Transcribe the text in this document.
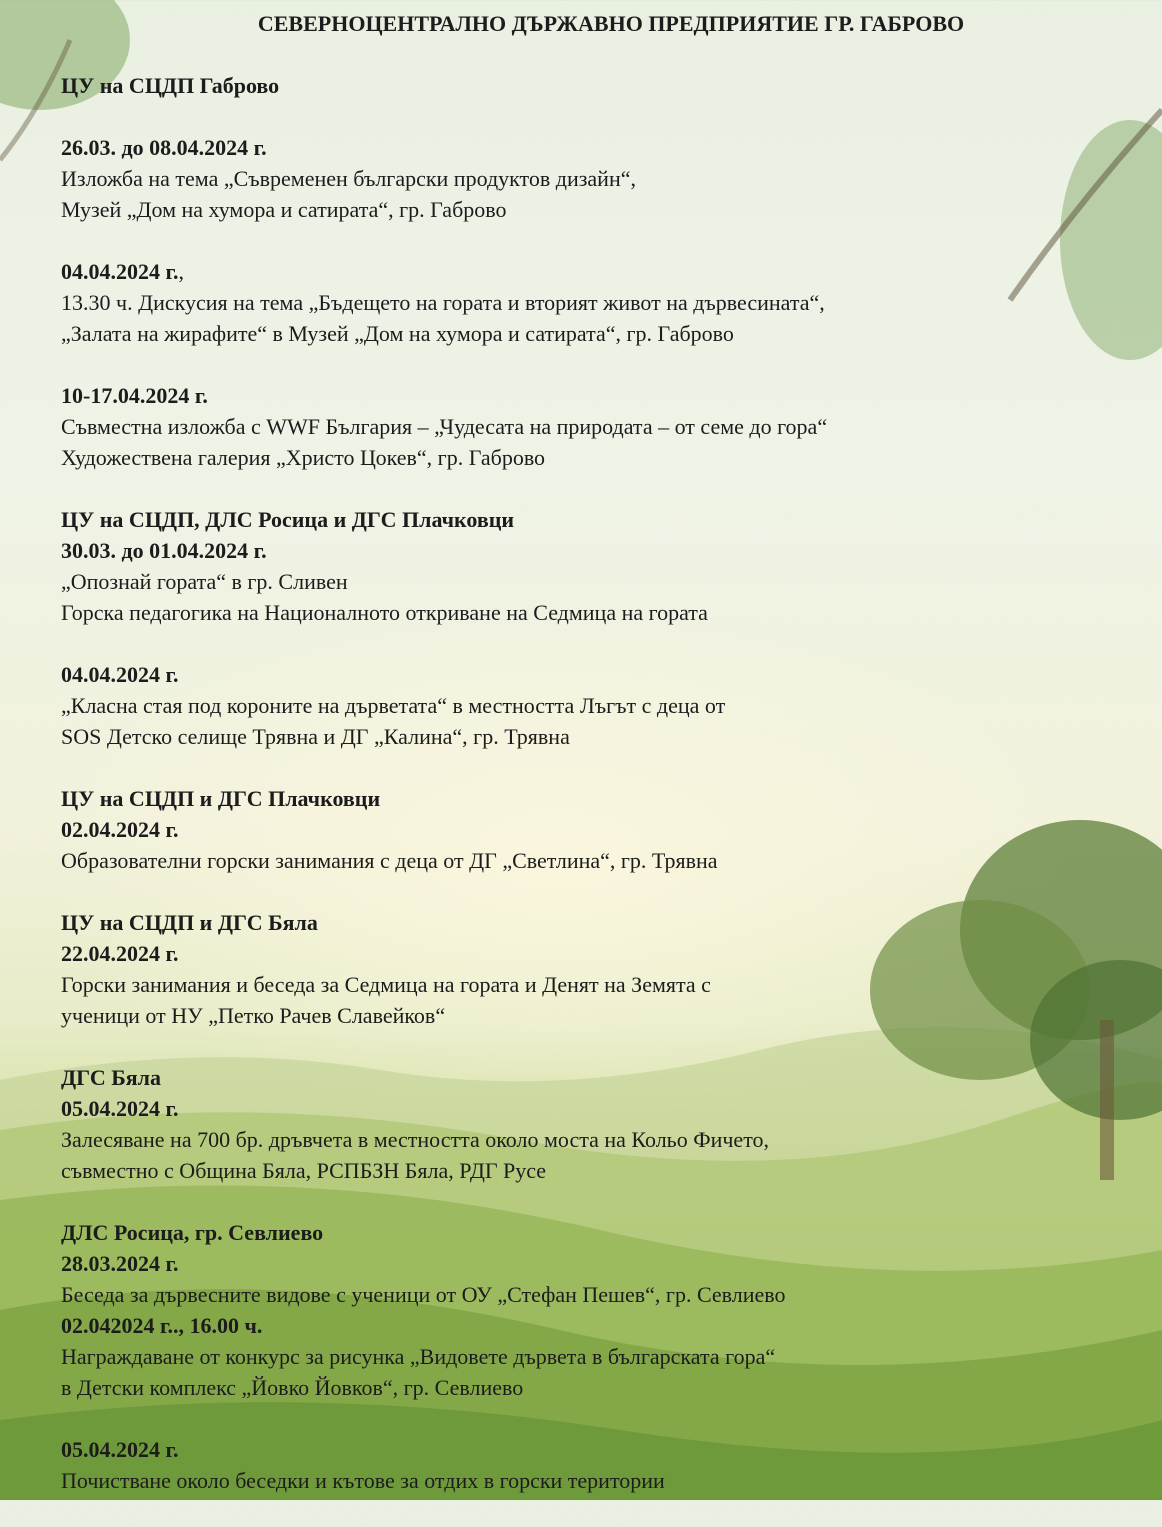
СЕВЕРНОЦЕНТРАЛНО ДЪРЖАВНО ПРЕДПРИЯТИЕ ГР. ГАБРОВО
ЦУ на СЦДП Габрово
26.03. до 08.04.2024 г.
Изложба на тема „Съвременен български продуктов дизайн“,
Музей „Дом на хумора и сатирата“, гр. Габрово
04.04.2024 г.,
13.30 ч. Дискусия на тема „Бъдещето на гората и вторият живот на дървесината“,
„Залата на жирафите“ в Музей „Дом на хумора и сатирата“, гр. Габрово
10-17.04.2024 г.
Съвместна изложба с WWF България – „Чудесата на природата – от семе до гора“
Художествена галерия „Христо Цокев“, гр. Габрово
ЦУ на СЦДП, ДЛС Росица и ДГС Плачковци
30.03. до 01.04.2024 г.
„Опознай гората“ в гр. Сливен
Горска педагогика на Националното откриване на Седмица на гората
04.04.2024 г.
„Класна стая под короните на дърветата“ в местността Лъгът с деца от
SOS Детско селище Трявна и ДГ „Калина“, гр. Трявна
ЦУ на СЦДП и ДГС Плачковци
02.04.2024 г.
Образователни горски занимания с деца от ДГ „Светлина“, гр. Трявна
ЦУ на СЦДП и ДГС Бяла
22.04.2024 г.
Горски занимания и беседа за Седмица на гората и Денят на Земята с
ученици от НУ „Петко Рачев Славейков“
ДГС Бяла
05.04.2024 г.
Залесяване на 700 бр. дръвчета в местността около моста на Кольо Фичето,
съвместно с Община Бяла, РСПБЗН Бяла, РДГ Русе
ДЛС Росица, гр. Севлиево
28.03.2024 г.
Беседа за дървесните видове с ученици от ОУ „Стефан Пешев“, гр. Севлиево
02.042024 г.., 16.00 ч.
Награждаване от конкурс за рисунка „Видовете дървета в българската гора“
в Детски комплекс „Йовко Йовков“, гр. Севлиево
05.04.2024 г.
Почистване около беседки и кътове за отдих в горски територии
